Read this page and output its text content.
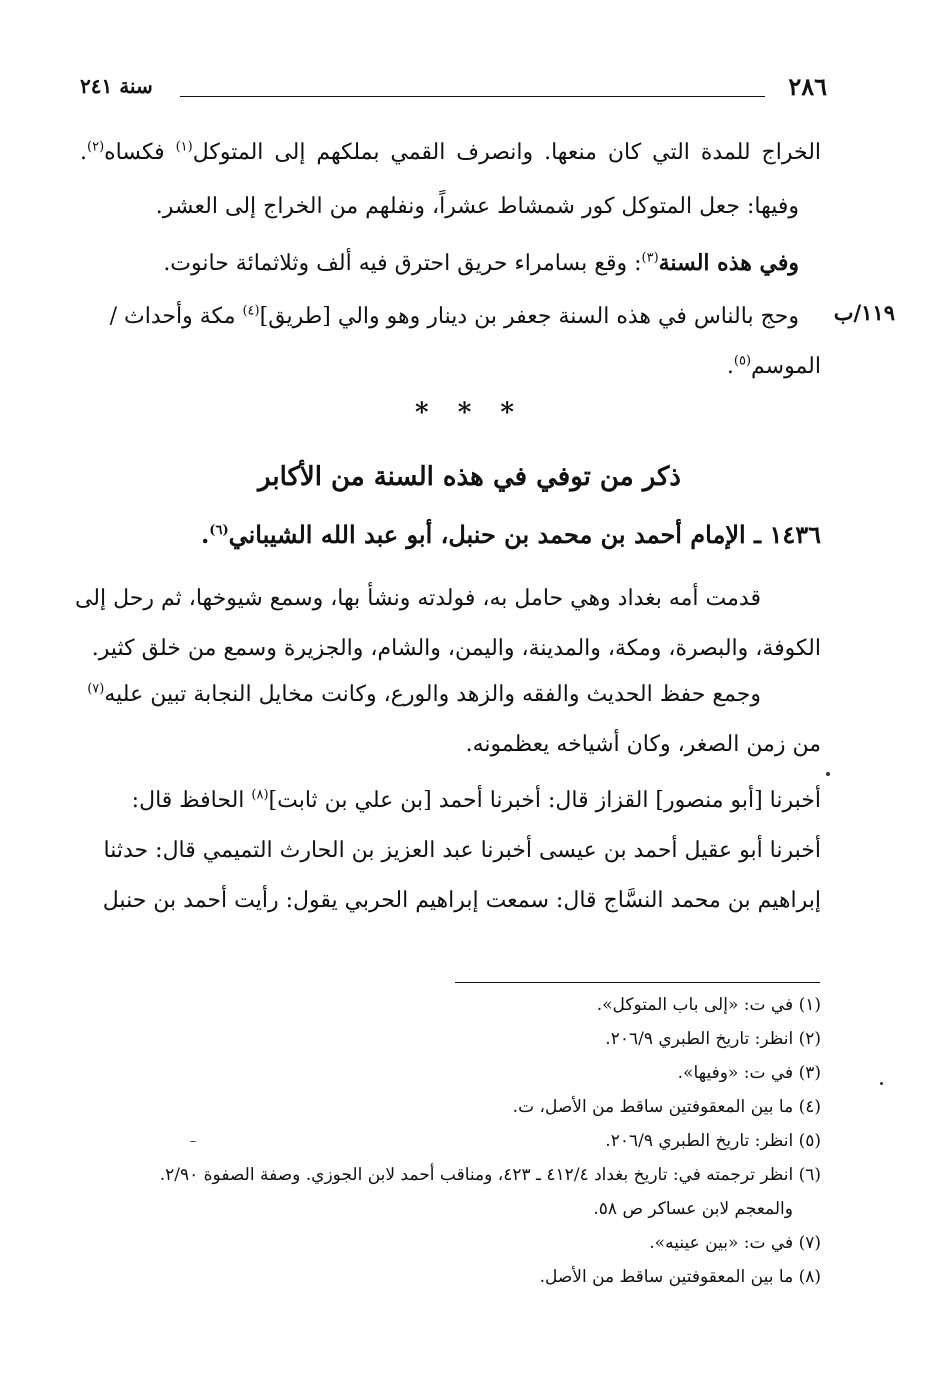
٢٨٦
سنة ٢٤١
الخراج للمدة التي كان منعها. وانصرف القمي بملكهم إلى المتوكل$^{(١)}$ فكساه$^{(٢)}$.
وفيها: جعل المتوكل كور شمشاط عشراً، ونفلهم من الخراج إلى العشر.
وفي هذه السنة$^{(٣)}$: وقع بسامراء حريق احترق فيه ألف وثلاثمائة حانوت.
١١٩/ب
وحج بالناس في هذه السنة جعفر بن دينار وهو والي [طريق]$^{(٤)}$ مكة وأحداث /
الموسم$^{(٥)}$.
* * *
ذكر من توفي في هذه السنة من الأكابر
١٤٣٦ ـ الإمام أحمد بن محمد بن حنبل، أبو عبد الله الشيباني$^{(٦)}$.
قدمت أمه بغداد وهي حامل به، فولدته ونشأ بها، وسمع شيوخها، ثم رحل إلى
الكوفة، والبصرة، ومكة، والمدينة، واليمن، والشام، والجزيرة وسمع من خلق كثير.
وجمع حفظ الحديث والفقه والزهد والورع، وكانت مخايل النجابة تبين عليه$^{(٧)}$
من زمن الصغر، وكان أشياخه يعظمونه.
أخبرنا [أبو منصور] القزاز قال: أخبرنا أحمد [بن علي بن ثابت]$^{(٨)}$ الحافظ قال:
أخبرنا أبو عقيل أحمد بن عيسى أخبرنا عبد العزيز بن الحارث التميمي قال: حدثنا
إبراهيم بن محمد النسَّاج قال: سمعت إبراهيم الحربي يقول: رأيت أحمد بن حنبل
(١) في ت: «إلى باب المتوكل».
(٢) انظر: تاريخ الطبري ٢٠٦/٩.
(٣) في ت: «وفيها».
(٤) ما بين المعقوفتين ساقط من الأصل، ت.
(٥) انظر: تاريخ الطبري ٢٠٦/٩.
(٦) انظر ترجمته في: تاريخ بغداد ٤١٢/٤ ـ ٤٢٣، ومناقب أحمد لابن الجوزي. وصفة الصفوة ٢/٩٠.
والمعجم لابن عساكر ص ٥٨.
(٧) في ت: «بين عينيه».
(٨) ما بين المعقوفتين ساقط من الأصل.
